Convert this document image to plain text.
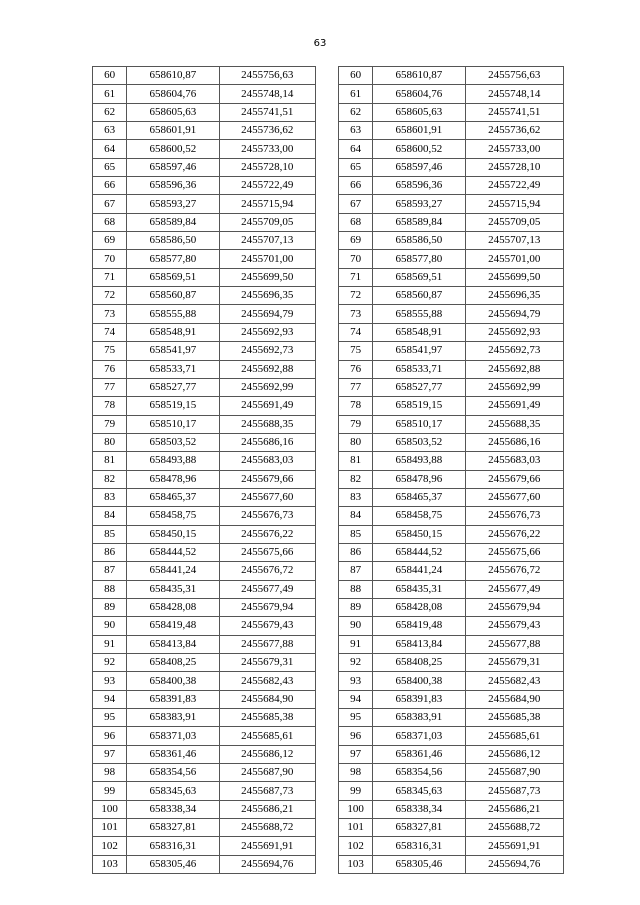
63
60	658610,87	2455756,63
61	658604,76	2455748,14
62	658605,63	2455741,51
63	658601,91	2455736,62
64	658600,52	2455733,00
65	658597,46	2455728,10
66	658596,36	2455722,49
67	658593,27	2455715,94
68	658589,84	2455709,05
69	658586,50	2455707,13
70	658577,80	2455701,00
71	658569,51	2455699,50
72	658560,87	2455696,35
73	658555,88	2455694,79
74	658548,91	2455692,93
75	658541,97	2455692,73
76	658533,71	2455692,88
77	658527,77	2455692,99
78	658519,15	2455691,49
79	658510,17	2455688,35
80	658503,52	2455686,16
81	658493,88	2455683,03
82	658478,96	2455679,66
83	658465,37	2455677,60
84	658458,75	2455676,73
85	658450,15	2455676,22
86	658444,52	2455675,66
87	658441,24	2455676,72
88	658435,31	2455677,49
89	658428,08	2455679,94
90	658419,48	2455679,43
91	658413,84	2455677,88
92	658408,25	2455679,31
93	658400,38	2455682,43
94	658391,83	2455684,90
95	658383,91	2455685,38
96	658371,03	2455685,61
97	658361,46	2455686,12
98	658354,56	2455687,90
99	658345,63	2455687,73
100	658338,34	2455686,21
101	658327,81	2455688,72
102	658316,31	2455691,91
103	658305,46	2455694,76
60	658610,87	2455756,63
61	658604,76	2455748,14
62	658605,63	2455741,51
63	658601,91	2455736,62
64	658600,52	2455733,00
65	658597,46	2455728,10
66	658596,36	2455722,49
67	658593,27	2455715,94
68	658589,84	2455709,05
69	658586,50	2455707,13
70	658577,80	2455701,00
71	658569,51	2455699,50
72	658560,87	2455696,35
73	658555,88	2455694,79
74	658548,91	2455692,93
75	658541,97	2455692,73
76	658533,71	2455692,88
77	658527,77	2455692,99
78	658519,15	2455691,49
79	658510,17	2455688,35
80	658503,52	2455686,16
81	658493,88	2455683,03
82	658478,96	2455679,66
83	658465,37	2455677,60
84	658458,75	2455676,73
85	658450,15	2455676,22
86	658444,52	2455675,66
87	658441,24	2455676,72
88	658435,31	2455677,49
89	658428,08	2455679,94
90	658419,48	2455679,43
91	658413,84	2455677,88
92	658408,25	2455679,31
93	658400,38	2455682,43
94	658391,83	2455684,90
95	658383,91	2455685,38
96	658371,03	2455685,61
97	658361,46	2455686,12
98	658354,56	2455687,90
99	658345,63	2455687,73
100	658338,34	2455686,21
101	658327,81	2455688,72
102	658316,31	2455691,91
103	658305,46	2455694,76
